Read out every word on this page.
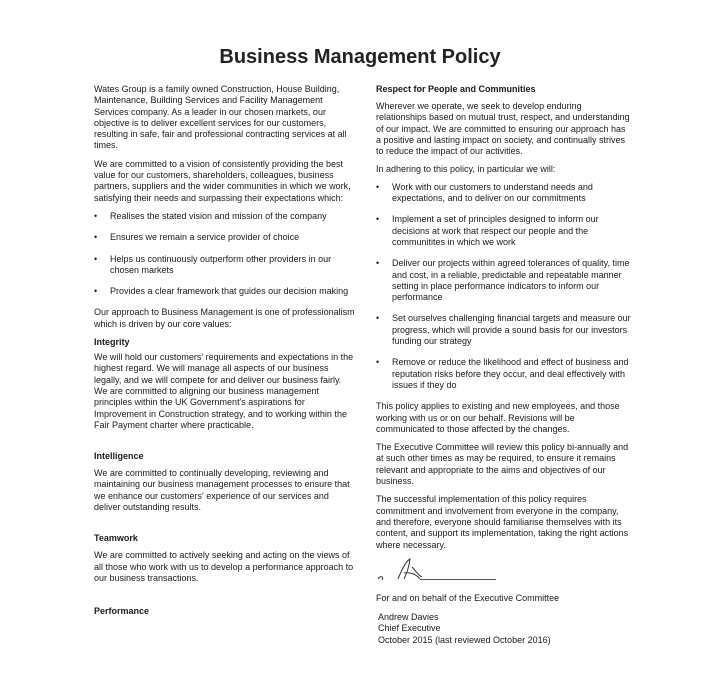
Business Management Policy

Wates Group is a family owned Construction, House Building, Maintenance, Building Services and Facility Management Services company. As a leader in our chosen markets, our objective is to deliver excellent services for our customers, resulting in safe, fair and professional contracting services at all times.

We are committed to a vision of consistently providing the best value for our customers, shareholders, colleagues, business partners, suppliers and the wider communities in which we work, satisfying their needs and surpassing their expectations which:

• Realises the stated vision and mission of the company
• Ensures we remain a service provider of choice
• Helps us continuously outperform other providers in our chosen markets
• Provides a clear framework that guides our decision making

Our approach to Business Management is one of professionalism which is driven by our core values:

Integrity

We will hold our customers' requirements and expectations in the highest regard. We will manage all aspects of our business legally, and we will compete for and deliver our business fairly. We are committed to aligning our business management principles within the UK Government's aspirations for Improvement in Construction strategy, and to working within the Fair Payment charter where practicable.

Intelligence

We are committed to continually developing, reviewing and maintaining our business management processes to ensure that we enhance our customers' experience of our services and deliver outstanding results.

Teamwork

We are committed to actively seeking and acting on the views of all those who work with us to develop a performance approach to our business transactions.

Performance
Respect for People and Communities

Wherever we operate, we seek to develop enduring relationships based on mutual trust, respect, and understanding of our impact. We are committed to ensuring our approach has a positive and lasting impact on society, and continually strives to reduce the impact of our activities.

In adhering to this policy, in particular we will:

• Work with our customers to understand needs and expectations, and to deliver on our commitments
• Implement a set of principles designed to inform our decisions at work that respect our people and the communitites in which we work
• Deliver our projects within agreed tolerances of quality, time and cost, in a reliable, predictable and repeatable manner setting in place performance indicators to inform our performance
• Set ourselves challenging financial targets and measure our progress, which will provide a sound basis for our investors funding our strategy
• Remove or reduce the likelihood and effect of business and reputation risks before they occur, and deal effectively with issues if they do

This policy applies to existing and new employees, and those working with us or on our behalf. Revisions will be communicated to those affected by the changes.

The Executive Committee will review this policy bi-annually and at such other times as may be required, to ensure it remains relevant and appropriate to the aims and objectives of our business.

The successful implementation of this policy requires commitment and involvement from everyone in the company, and therefore, everyone should familiarise themselves with its content, and support its implementation, taking the right actions where necessary.

For and on behalf of the Executive Committee
Andrew Davies
Chief Executive
October 2015 (last reviewed October 2016)
